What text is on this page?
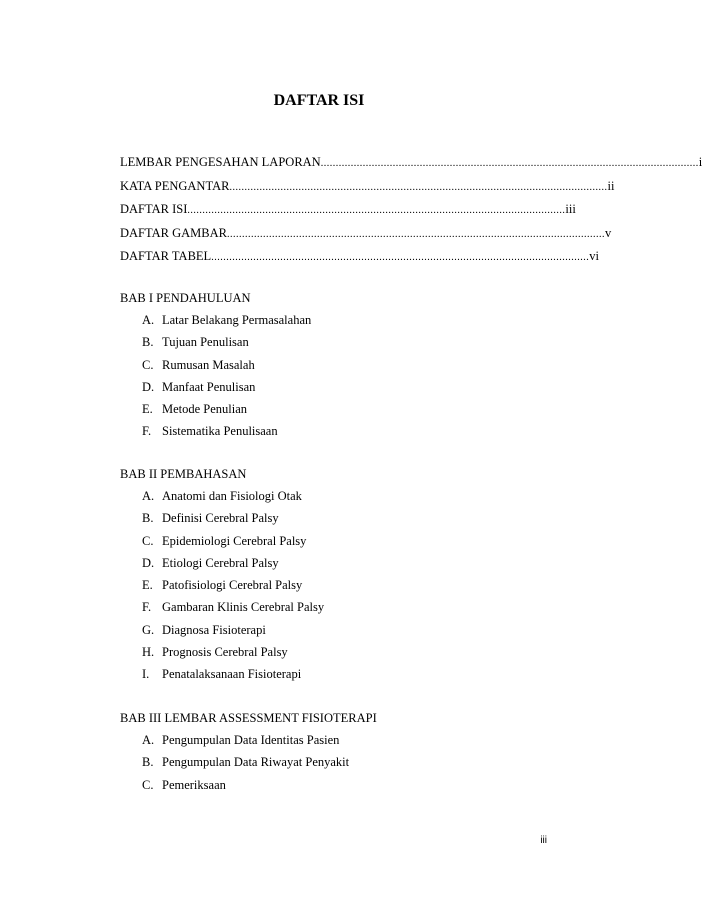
DAFTAR ISI
LEMBAR PENGESAHAN LAPORAN .............................................................................................................................. i
KATA PENGANTAR .............................................................................................................................. ii
DAFTAR ISI .............................................................................................................................. iii
DAFTAR GAMBAR .............................................................................................................................. v
DAFTAR TABEL .............................................................................................................................. vi
BAB I PENDAHULUAN
A. Latar Belakang Permasalahan
B. Tujuan Penulisan
C. Rumusan Masalah
D. Manfaat Penulisan
E. Metode Penulian
F. Sistematika Penulisaan
BAB II PEMBAHASAN
A. Anatomi dan Fisiologi Otak
B. Definisi Cerebral Palsy
C. Epidemiologi Cerebral Palsy
D. Etiologi Cerebral Palsy
E. Patofisiologi Cerebral Palsy
F. Gambaran Klinis Cerebral Palsy
G. Diagnosa Fisioterapi
H. Prognosis Cerebral Palsy
I.	Penatalaksanaan Fisioterapi
BAB III LEMBAR ASSESSMENT FISIOTERAPI
A. Pengumpulan Data Identitas Pasien
B. Pengumpulan Data Riwayat Penyakit
C. Pemeriksaan
iii
